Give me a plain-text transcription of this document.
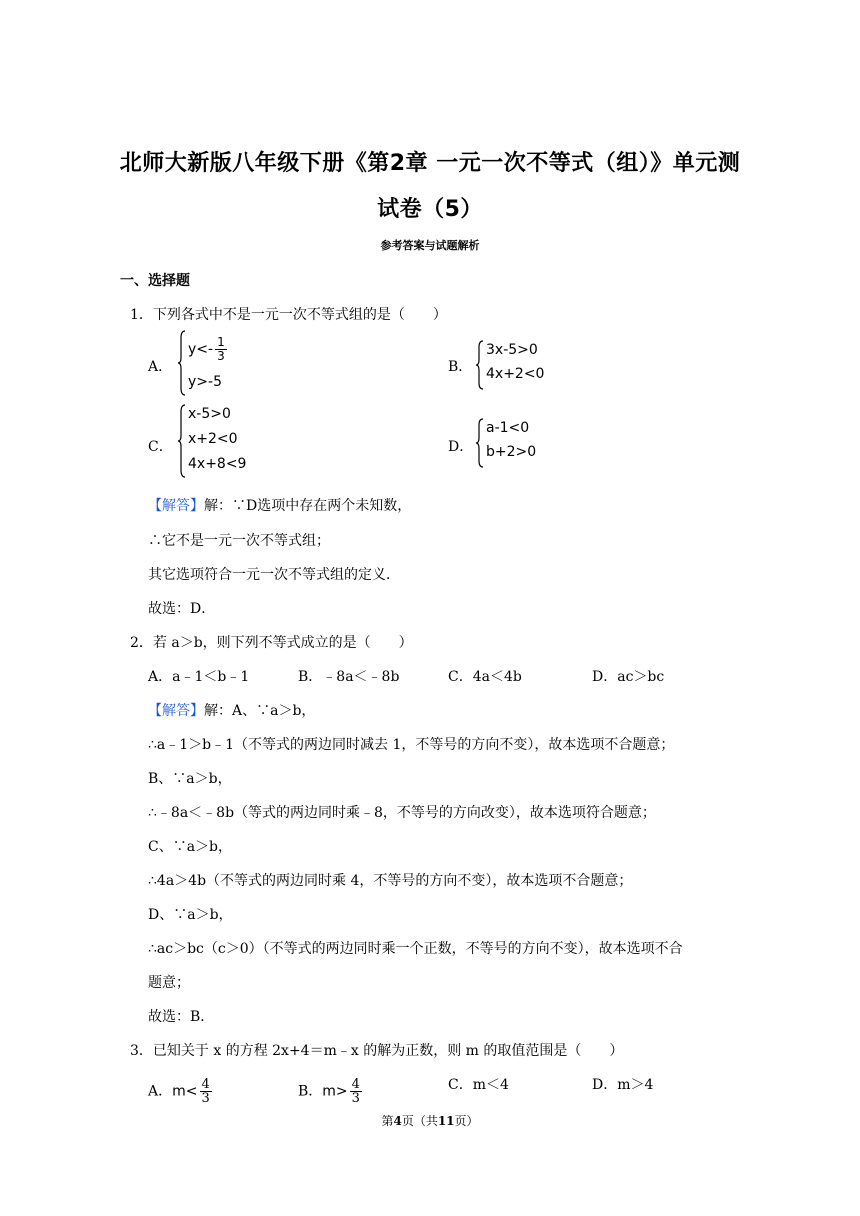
北师大新版八年级下册《第2章 一元一次不等式（组）》单元测
试卷（5）
参考答案与试题解析
一、选择题
1．下列各式中不是一元一次不等式组的是（　　）
A．
$y<- \frac{1}{3}$
y>-5
B．
3x-5>0
4x+2<0
C．
x-5>0
x+2<0
4x+8<9
D．
a-1<0
b+2>0
【解答】解：∵D选项中存在两个未知数，
∴它不是一元一次不等式组；
其它选项符合一元一次不等式组的定义．
故选：D．
2．若 a＞b，则下列不等式成立的是（　　）
A．a﹣1＜b﹣1	B．﹣8a＜﹣8b	C．4a＜4b	D．ac＞bc
【解答】解：A、∵a＞b，
∴a﹣1＞b﹣1（不等式的两边同时减去 1，不等号的方向不变），故本选项不合题意；
B、∵a＞b，
∴﹣8a＜﹣8b（等式的两边同时乘﹣8，不等号的方向改变），故本选项符合题意；
C、∵a＞b，
∴4a＞4b（不等式的两边同时乘 4，不等号的方向不变），故本选项不合题意；
D、∵a＞b，
∴ac＞bc（c＞0）（不等式的两边同时乘一个正数，不等号的方向不变），故本选项不合
题意；
故选：B．
3．已知关于 x 的方程 2x+4＝m﹣x 的解为正数，则 m 的取值范围是（　　）
A．$m< \frac{4}{3}$	B．$m> \frac{4}{3}$	C．m＜4	D．m＞4
第4页（共11页）
